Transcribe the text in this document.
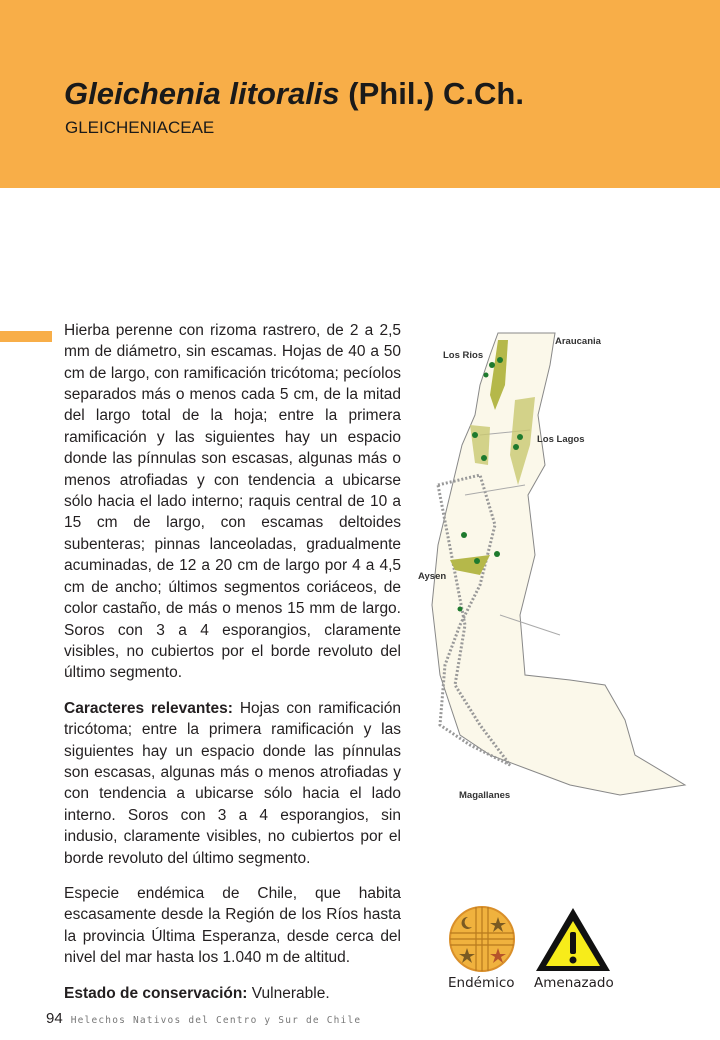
Gleichenia litoralis (Phil.) C.Ch.
GLEICHENIACEAE

Hierba perenne con rizoma rastrero, de 2 a 2,5 mm de diámetro, sin escamas. Hojas de 40 a 50 cm de largo, con ramificación tricótoma; pecíolos separados más o menos cada 5 cm, de la mitad del largo total de la hoja; entre la primera ramificación y las siguientes hay un espacio donde las pínnulas son escasas, algunas más o menos atrofiadas y con tendencia a ubicarse sólo hacia el lado interno; raquis central de 10 a 15 cm de largo, con escamas deltoides subenteras; pinnas lanceoladas, gradualmente acuminadas, de 12 a 20 cm de largo por 4 a 4,5 cm de ancho; últimos segmentos coriáceos, de color castaño, de más o menos 15 mm de largo. Soros con 3 a 4 esporangios, claramente visibles, no cubiertos por el borde revoluto del último segmento.

Caracteres relevantes: Hojas con ramificación tricótoma; entre la primera ramificación y las siguientes hay un espacio donde las pínnulas son escasas, algunas más o menos atrofiadas y con tendencia a ubicarse sólo hacia el lado interno. Soros con 3 a 4 esporangios, sin indusio, claramente visibles, no cubiertos por el borde revoluto del último segmento.

Especie endémica de Chile, que habita escasamente desde la Región de los Ríos hasta la provincia Última Esperanza, desde cerca del nivel del mar hasta los 1.040 m de altitud.

Estado de conservación: Vulnerable.

Araucania
Los Rios
Los Lagos
Aysen
Magallanes
Endémico Amenazado
94 Helechos Nativos del Centro y Sur de Chile
